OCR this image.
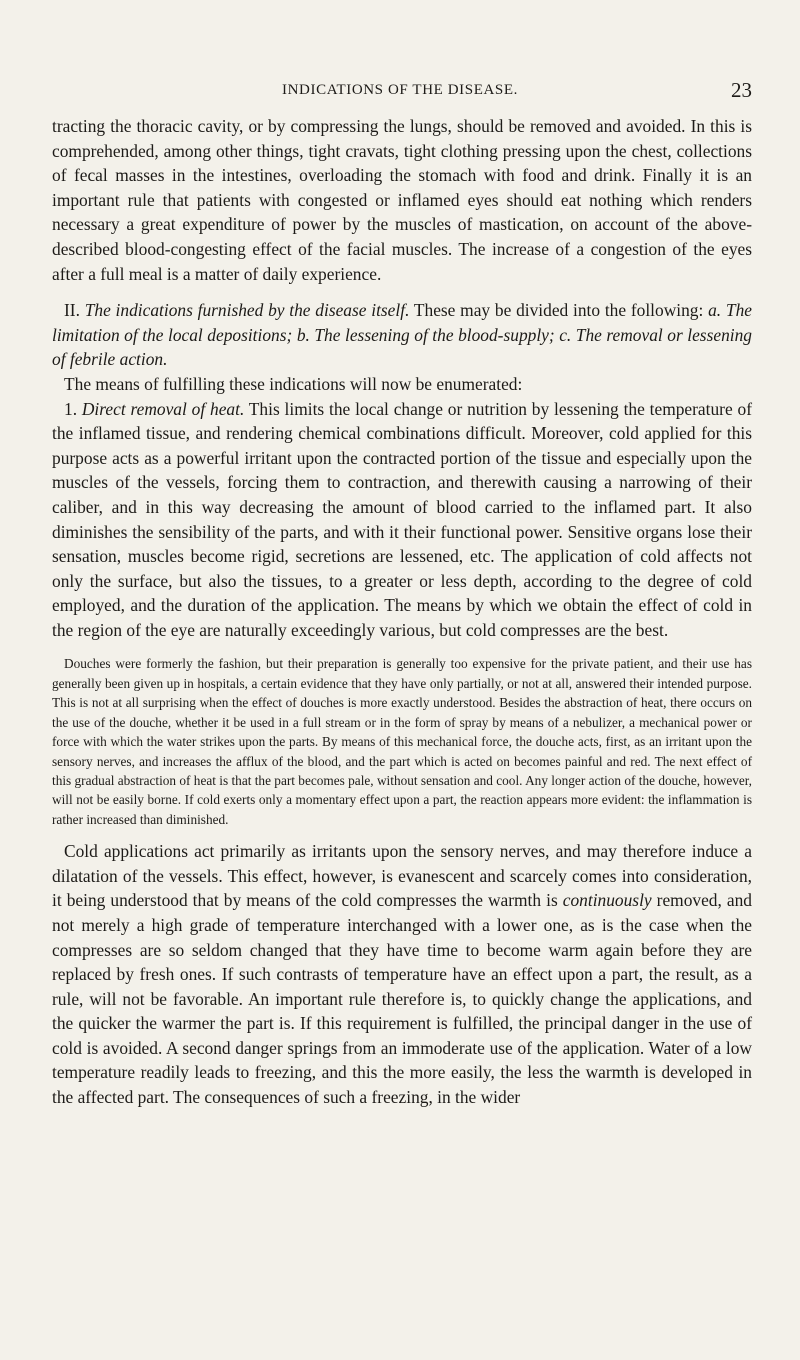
INDICATIONS OF THE DISEASE.	23

tracting the thoracic cavity, or by compressing the lungs, should be removed and avoided. In this is comprehended, among other things, tight cravats, tight clothing pressing upon the chest, collections of fecal masses in the intestines, overloading the stomach with food and drink. Finally it is an important rule that patients with congested or inflamed eyes should eat nothing which renders necessary a great expenditure of power by the muscles of mastication, on account of the above-described blood-congesting effect of the facial muscles. The increase of a congestion of the eyes after a full meal is a matter of daily experience.

II. The indications furnished by the disease itself. These may be divided into the following: a. The limitation of the local depositions; b. The lessening of the blood-supply; c. The removal or lessening of febrile action.

The means of fulfilling these indications will now be enumerated:

1. Direct removal of heat. This limits the local change or nutrition by lessening the temperature of the inflamed tissue, and rendering chemical combinations difficult. Moreover, cold applied for this purpose acts as a powerful irritant upon the contracted portion of the tissue and especially upon the muscles of the vessels, forcing them to contraction, and therewith causing a narrowing of their caliber, and in this way decreasing the amount of blood carried to the inflamed part. It also diminishes the sensibility of the parts, and with it their functional power. Sensitive organs lose their sensation, muscles become rigid, secretions are lessened, etc. The application of cold affects not only the surface, but also the tissues, to a greater or less depth, according to the degree of cold employed, and the duration of the application. The means by which we obtain the effect of cold in the region of the eye are naturally exceedingly various, but cold compresses are the best.

Douches were formerly the fashion, but their preparation is generally too expensive for the private patient, and their use has generally been given up in hospitals, a certain evidence that they have only partially, or not at all, answered their intended purpose. This is not at all surprising when the effect of douches is more exactly understood. Besides the abstraction of heat, there occurs on the use of the douche, whether it be used in a full stream or in the form of spray by means of a nebulizer, a mechanical power or force with which the water strikes upon the parts. By means of this mechanical force, the douche acts, first, as an irritant upon the sensory nerves, and increases the afflux of the blood, and the part which is acted on becomes painful and red. The next effect of this gradual abstraction of heat is that the part becomes pale, without sensation and cool. Any longer action of the douche, however, will not be easily borne. If cold exerts only a momentary effect upon a part, the reaction appears more evident: the inflammation is rather increased than diminished.

Cold applications act primarily as irritants upon the sensory nerves, and may therefore induce a dilatation of the vessels. This effect, however, is evanescent and scarcely comes into consideration, it being understood that by means of the cold compresses the warmth is continuously removed, and not merely a high grade of temperature interchanged with a lower one, as is the case when the compresses are so seldom changed that they have time to become warm again before they are replaced by fresh ones. If such contrasts of temperature have an effect upon a part, the result, as a rule, will not be favorable. An important rule therefore is, to quickly change the applications, and the quicker the warmer the part is. If this requirement is fulfilled, the principal danger in the use of cold is avoided. A second danger springs from an immoderate use of the application. Water of a low temperature readily leads to freezing, and this the more easily, the less the warmth is developed in the affected part. The consequences of such a freezing, in the wider
